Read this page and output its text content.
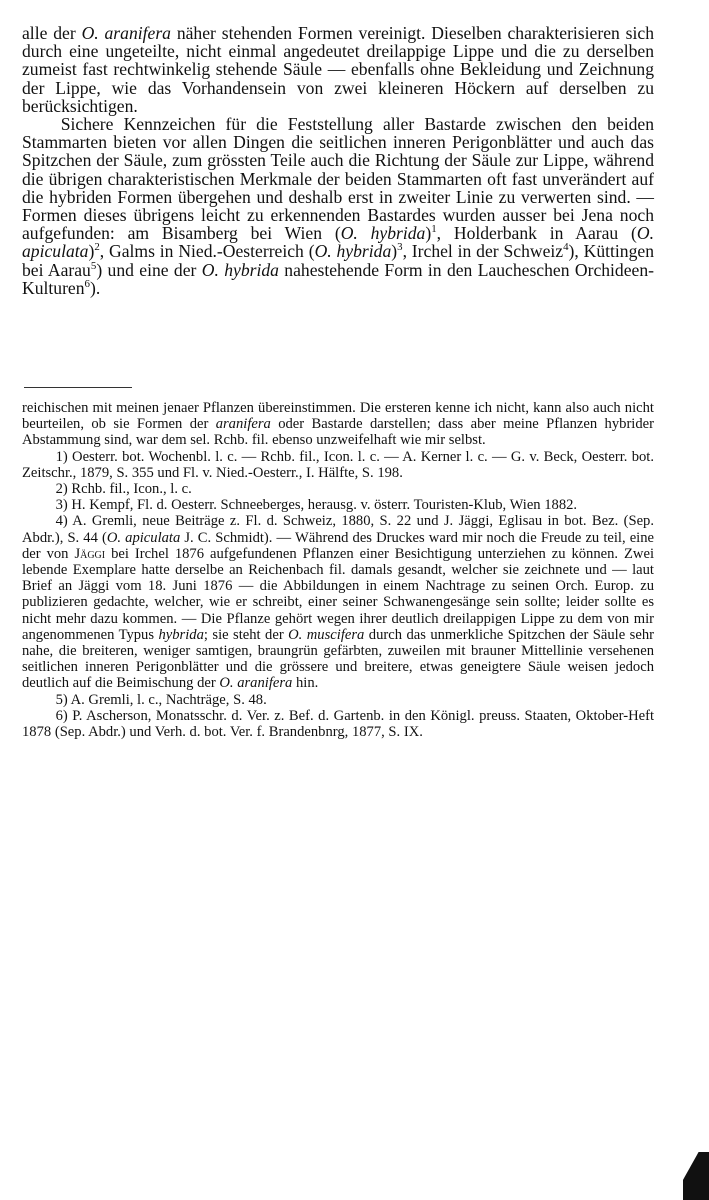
alle der O. aranifera näher stehenden Formen vereinigt. Dieselben charakterisieren sich durch eine ungeteilte, nicht einmal angedeutet dreilappige Lippe und die zu derselben zumeist fast rechtwinkelig stehende Säule — ebenfalls ohne Bekleidung und Zeichnung der Lippe, wie das Vorhandensein von zwei kleineren Höckern auf derselben zu berücksichtigen.

Sichere Kennzeichen für die Feststellung aller Bastarde zwischen den beiden Stammarten bieten vor allen Dingen die seitlichen inneren Perigonblätter und auch das Spitzchen der Säule, zum grössten Teile auch die Richtung der Säule zur Lippe, während die übrigen charakteristischen Merkmale der beiden Stammarten oft fast unverändert auf die hybriden Formen übergehen und deshalb erst in zweiter Linie zu verwerten sind. — Formen dieses übrigens leicht zu erkennenden Bastardes wurden ausser bei Jena noch aufgefunden: am Bisamberg bei Wien (O. hybrida)$^1$, Holderbank in Aarau (O. apiculata)$^2$, Galms in Nied.-Oesterreich (O. hybrida)$^3$, Irchel in der Schweiz$^4$), Küttingen bei Aarau$^5$) und eine der O. hybrida nahestehende Form in den Laucheschen Orchideen-Kulturen$^6$).

reichischen mit meinen jenaer Pflanzen übereinstimmen. Die ersteren kenne ich nicht, kann also auch nicht beurteilen, ob sie Formen der aranifera oder Bastarde darstellen; dass aber meine Pflanzen hybrider Abstammung sind, war dem sel. Rchb. fil. ebenso unzweifelhaft wie mir selbst.

1) Oesterr. bot. Wochenbl. l. c. — Rchb. fil., Icon. l. c. — A. Kerner l. c. — G. v. Beck, Oesterr. bot. Zeitschr., 1879, S. 355 und Fl. v. Nied.-Oesterr., I. Hälfte, S. 198.

2) Rchb. fil., Icon., l. c.

3) H. Kempf, Fl. d. Oesterr. Schneeberges, herausg. v. österr. Touristen-Klub, Wien 1882.

4) A. Gremli, neue Beiträge z. Fl. d. Schweiz, 1880, S. 22 und J. Jäggi, Eglisau in bot. Bez. (Sep. Abdr.), S. 44 (O. apiculata J. C. Schmidt). — Während des Druckes ward mir noch die Freude zu teil, eine der von Jäggi bei Irchel 1876 aufgefundenen Pflanzen einer Besichtigung unterziehen zu können. Zwei lebende Exemplare hatte derselbe an Reichenbach fil. damals gesandt, welcher sie zeichnete und — laut Brief an Jäggi vom 18. Juni 1876 — die Abbildungen in einem Nachtrage zu seinen Orch. Europ. zu publizieren gedachte, welcher, wie er schreibt, einer seiner Schwanengesänge sein sollte; leider sollte es nicht mehr dazu kommen. — Die Pflanze gehört wegen ihrer deutlich dreilappigen Lippe zu dem von mir angenommenen Typus hybrida; sie steht der O. muscifera durch das unmerkliche Spitzchen der Säule sehr nahe, die breiteren, weniger samtigen, braungrün gefärbten, zuweilen mit brauner Mittellinie versehenen seitlichen inneren Perigonblätter und die grössere und breitere, etwas geneigtere Säule weisen jedoch deutlich auf die Beimischung der O. aranifera hin.

5) A. Gremli, l. c., Nachträge, S. 48.

6) P. Ascherson, Monatsschr. d. Ver. z. Bef. d. Gartenb. in den Königl. preuss. Staaten, Oktober-Heft 1878 (Sep. Abdr.) und Verh. d. bot. Ver. f. Brandenbnrg, 1877, S. IX.
